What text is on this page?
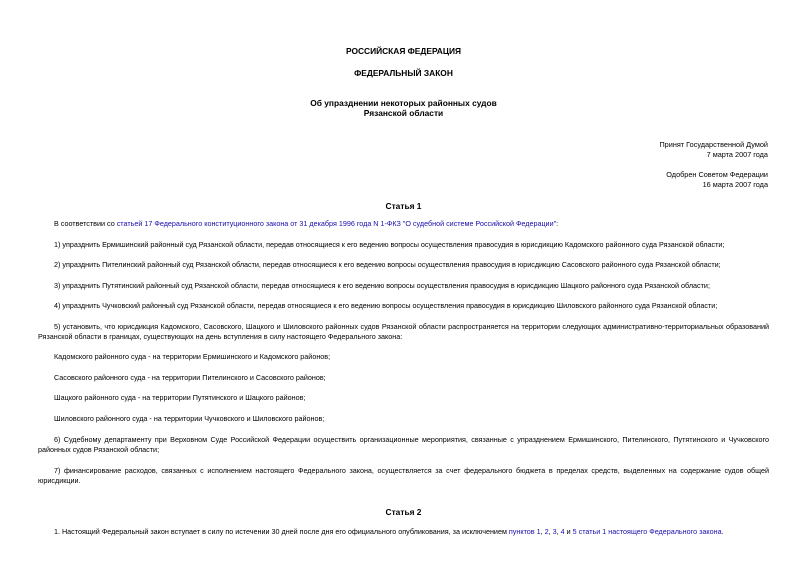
РОССИЙСКАЯ ФЕДЕРАЦИЯ
ФЕДЕРАЛЬНЫЙ ЗАКОН
Об упразднении некоторых районных судов
Рязанской области
Принят Государственной Думой
7 марта 2007 года
Одобрен Советом Федерации
16 марта 2007 года
Статья 1
В соответствии со статьей 17 Федерального конституционного закона от 31 декабря 1996 года N 1-ФКЗ "О судебной системе Российской Федерации":
1) упразднить Ермишинский районный суд Рязанской области, передав относящиеся к его ведению вопросы осуществления правосудия в юрисдикцию Кадомского районного суда Рязанской области;
2) упразднить Пителинский районный суд Рязанской области, передав относящиеся к его ведению вопросы осуществления правосудия в юрисдикцию Сасовского районного суда Рязанской области;
3) упразднить Путятинский районный суд Рязанской области, передав относящиеся к его ведению вопросы осуществления правосудия в юрисдикцию Шацкого районного суда Рязанской области;
4) упразднить Чучковский районный суд Рязанской области, передав относящиеся к его ведению вопросы осуществления правосудия в юрисдикцию Шиловского районного суда Рязанской области;
5) установить, что юрисдикция Кадомского, Сасовского, Шацкого и Шиловского районных судов Рязанской области распространяется на территории следующих административно-территориальных образований Рязанской области в границах, существующих на день вступления в силу настоящего Федерального закона:
Кадомского районного суда - на территории Ермишинского и Кадомского районов;
Сасовского районного суда - на территории Пителинского и Сасовского районов;
Шацкого районного суда - на территории Путятинского и Шацкого районов;
Шиловского районного суда - на территории Чучковского и Шиловского районов;
6) Судебному департаменту при Верховном Суде Российской Федерации осуществить организационные мероприятия, связанные с упразднением Ермишинского, Пителинского, Путятинского и Чучковского районных судов Рязанской области;
7) финансирование расходов, связанных с исполнением настоящего Федерального закона, осуществляется за счет федерального бюджета в пределах средств, выделенных на содержание судов общей юрисдикции.
Статья 2
1. Настоящий Федеральный закон вступает в силу по истечении 30 дней после дня его официального опубликования, за исключением пунктов 1, 2, 3, 4 и 5 статьи 1 настоящего Федерального закона.
